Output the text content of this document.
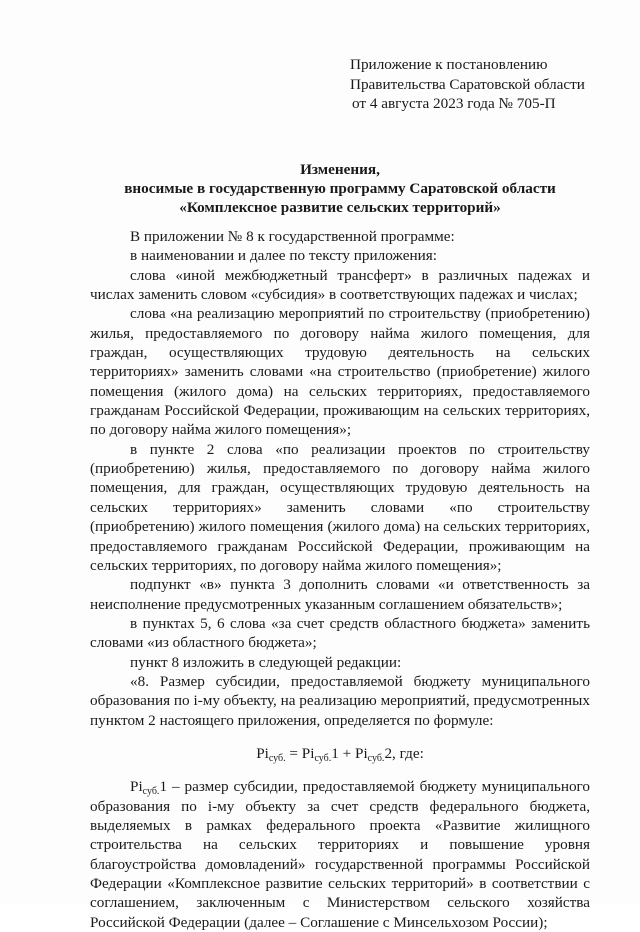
Приложение к постановлению
Правительства Саратовской области
от 4 августа 2023 года № 705-П
Изменения,
вносимые в государственную программу Саратовской области
«Комплексное развитие сельских территорий»

В приложении № 8 к государственной программе:

в наименовании и далее по тексту приложения:

слова «иной межбюджетный трансферт» в различных падежах и числах заменить словом «субсидия» в соответствующих падежах и числах;

слова «на реализацию мероприятий по строительству (приобретению) жилья, предоставляемого по договору найма жилого помещения, для граждан, осуществляющих трудовую деятельность на сельских территориях» заменить словами «на строительство (приобретение) жилого помещения (жилого дома) на сельских территориях, предоставляемого гражданам Российской Федерации, проживающим на сельских территориях, по договору найма жилого помещения»;

в пункте 2 слова «по реализации проектов по строительству (приобретению) жилья, предоставляемого по договору найма жилого помещения, для граждан, осуществляющих трудовую деятельность на сельских территориях» заменить словами «по строительству (приобретению) жилого помещения (жилого дома) на сельских территориях, предоставляемого гражданам Российской Федерации, проживающим на сельских территориях, по договору найма жилого помещения»;

подпункт «в» пункта 3 дополнить словами «и ответственность за неисполнение предусмотренных указанным соглашением обязательств»;

в пунктах 5, 6 слова «за счет средств областного бюджета» заменить словами «из областного бюджета»;

пункт 8 изложить в следующей редакции:

«8. Размер субсидии, предоставляемой бюджету муниципального образования по i-му объекту, на реализацию мероприятий, предусмотренных пунктом 2 настоящего приложения, определяется по формуле:

$Pi_{суб.} = Pi_{суб.}1 + Pi_{суб.}2$, где:

$Pi_{суб.}1$ – размер субсидии, предоставляемой бюджету муниципального образования по i-му объекту за счет средств федерального бюджета, выделяемых в рамках федерального проекта «Развитие жилищного строительства на сельских территориях и повышение уровня благоустройства домовладений» государственной программы Российской Федерации «Комплексное развитие сельских территорий» в соответствии с соглашением, заключенным с Министерством сельского хозяйства Российской Федерации (далее – Соглашение с Минсельхозом России);
